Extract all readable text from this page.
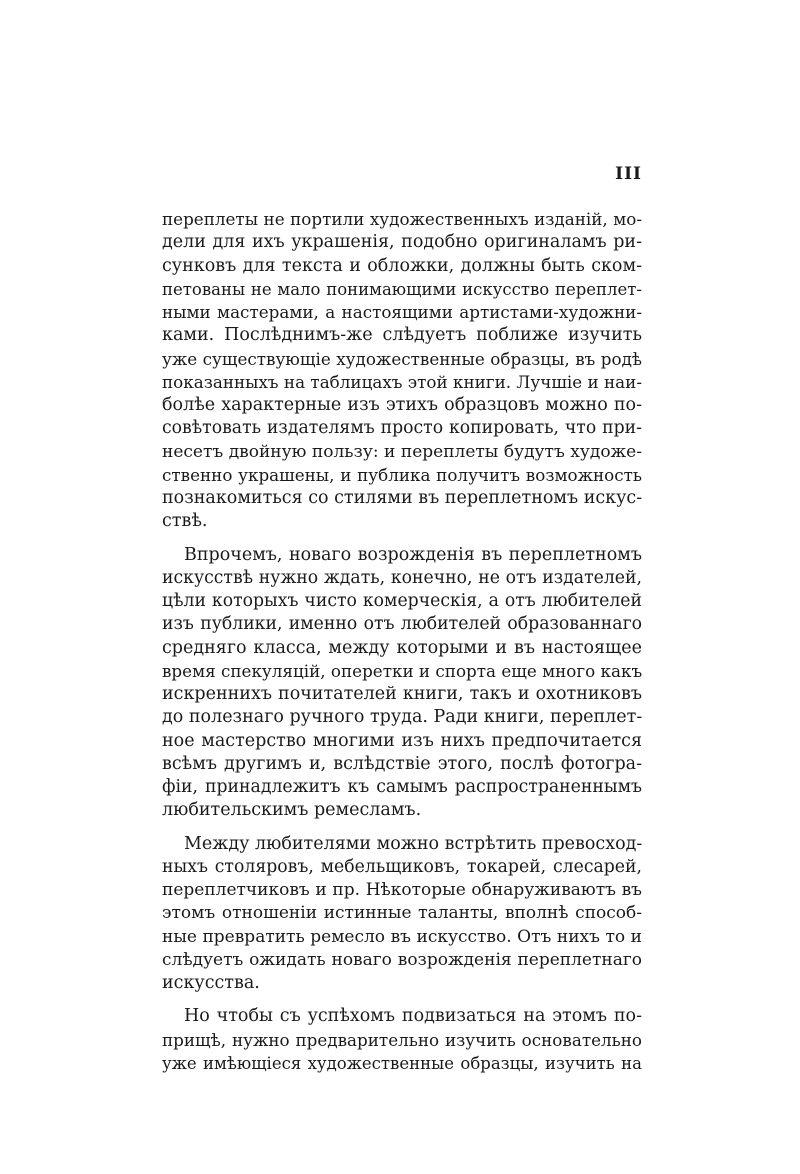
III
переплеты не портили художественныхъ изданій, мо-
дели для ихъ украшенія, подобно оригиналамъ ри-
сунковъ для текста и обложки, должны быть ском-
петованы не мало понимающими искусство переплет-
ными мастерами, а настоящими артистами-художни-
ками. Послѣднимъ-же слѣдуетъ поближе изучить
уже существующіе художественные образцы, въ родѣ
показанныхъ на таблицахъ этой книги. Лучшіе и наи-
болѣе характерные изъ этихъ образцовъ можно по-
совѣтовать издателямъ просто копировать, что при-
несетъ двойную пользу: и переплеты будутъ художе-
ственно украшены, и публика получитъ возможность
познакомиться со стилями въ переплетномъ искус-
ствѣ.
Впрочемъ, новаго возрожденія въ переплетномъ
искусствѣ нужно ждать, конечно, не отъ издателей,
цѣли которыхъ чисто комерческія, а отъ любителей
изъ публики, именно отъ любителей образованнаго
средняго класса, между которыми и въ настоящее
время спекуляцій, оперетки и спорта еще много какъ
искреннихъ почитателей книги, такъ и охотниковъ
до полезнаго ручного труда. Ради книги, переплет-
ное мастерство многими изъ нихъ предпочитается
всѣмъ другимъ и, вслѣдствіе этого, послѣ фотогра-
фіи, принадлежитъ къ самымъ распространеннымъ
любительскимъ ремесламъ.
Между любителями можно встрѣтить превосход-
ныхъ столяровъ, мебельщиковъ, токарей, слесарей,
переплетчиковъ и пр. Нѣкоторые обнаруживаютъ въ
этомъ отношеніи истинные таланты, вполнѣ способ-
ные превратить ремесло въ искусство. Отъ нихъ то и
слѣдуетъ ожидать новаго возрожденія переплетнаго
искусства.
Но чтобы съ успѣхомъ подвизаться на этомъ по-
прищѣ, нужно предварительно изучить основательно
уже имѣющіеся художественные образцы, изучить на
